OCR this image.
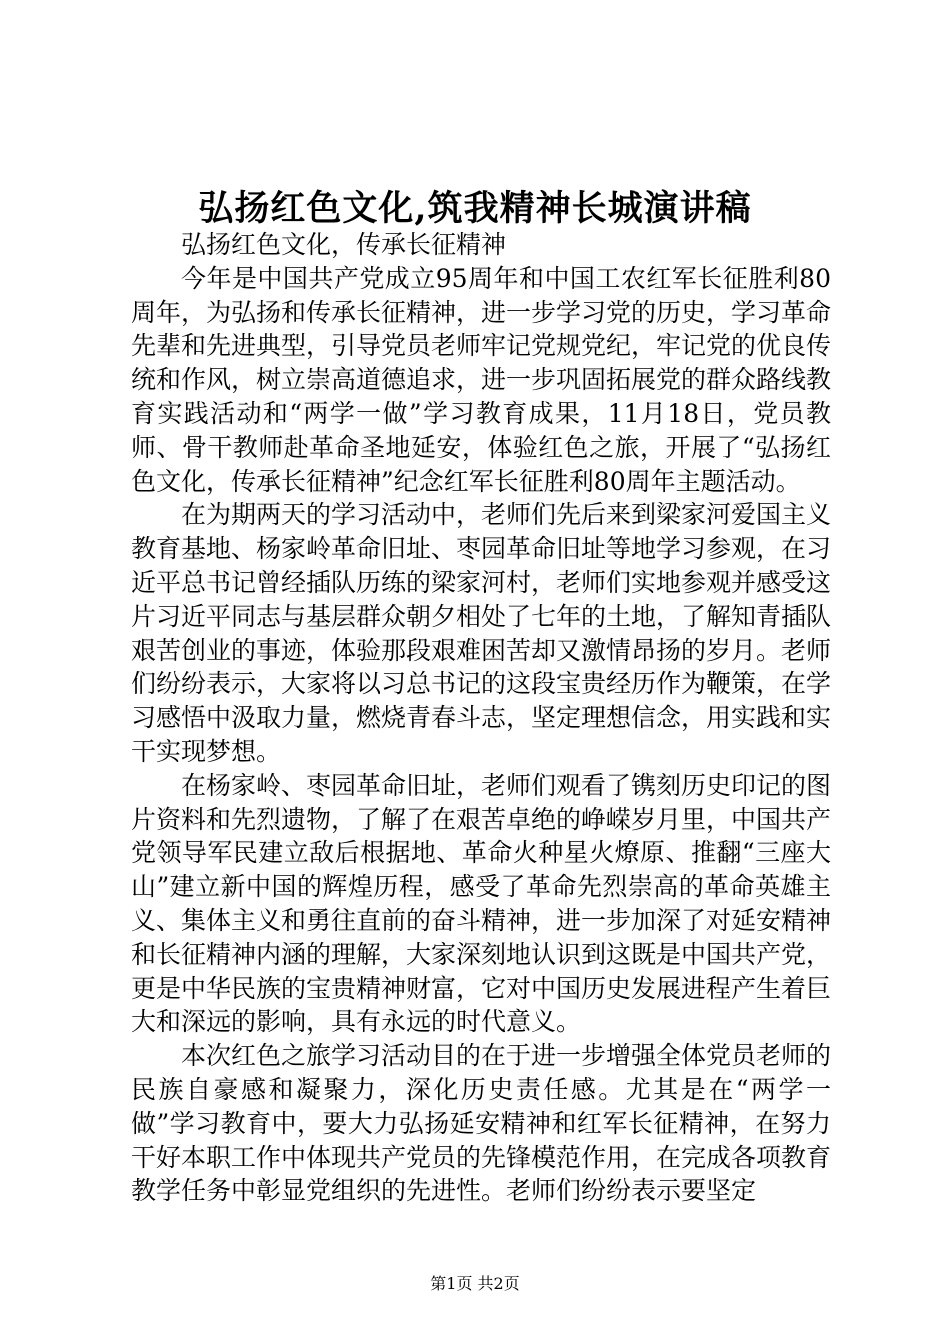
弘扬红色文化,筑我精神长城演讲稿

弘扬红色文化，传承长征精神

今年是中国共产党成立95周年和中国工农红军长征胜利80周年，为弘扬和传承长征精神，进一步学习党的历史，学习革命先辈和先进典型，引导党员老师牢记党规党纪，牢记党的优良传统和作风，树立崇高道德追求，进一步巩固拓展党的群众路线教育实践活动和“两学一做”学习教育成果，11月18日，党员教师、骨干教师赴革命圣地延安，体验红色之旅，开展了“弘扬红色文化，传承长征精神”纪念红军长征胜利80周年主题活动。

在为期两天的学习活动中，老师们先后来到梁家河爱国主义教育基地、杨家岭革命旧址、枣园革命旧址等地学习参观，在习近平总书记曾经插队历练的梁家河村，老师们实地参观并感受这片习近平同志与基层群众朝夕相处了七年的土地，了解知青插队艰苦创业的事迹，体验那段艰难困苦却又激情昂扬的岁月。老师们纷纷表示，大家将以习总书记的这段宝贵经历作为鞭策，在学习感悟中汲取力量，燃烧青春斗志，坚定理想信念，用实践和实干实现梦想。

在杨家岭、枣园革命旧址，老师们观看了镌刻历史印记的图片资料和先烈遗物，了解了在艰苦卓绝的峥嵘岁月里，中国共产党领导军民建立敌后根据地、革命火种星火燎原、推翻“三座大山”建立新中国的辉煌历程，感受了革命先烈崇高的革命英雄主义、集体主义和勇往直前的奋斗精神，进一步加深了对延安精神和长征精神内涵的理解，大家深刻地认识到这既是中国共产党，更是中华民族的宝贵精神财富，它对中国历史发展进程产生着巨大和深远的影响，具有永远的时代意义。

本次红色之旅学习活动目的在于进一步增强全体党员老师的民族自豪感和凝聚力，深化历史责任感。尤其是在“两学一做”学习教育中，要大力弘扬延安精神和红军长征精神，在努力干好本职工作中体现共产党员的先锋模范作用，在完成各项教育教学任务中彰显党组织的先进性。老师们纷纷表示要坚定

第1页 共2页
